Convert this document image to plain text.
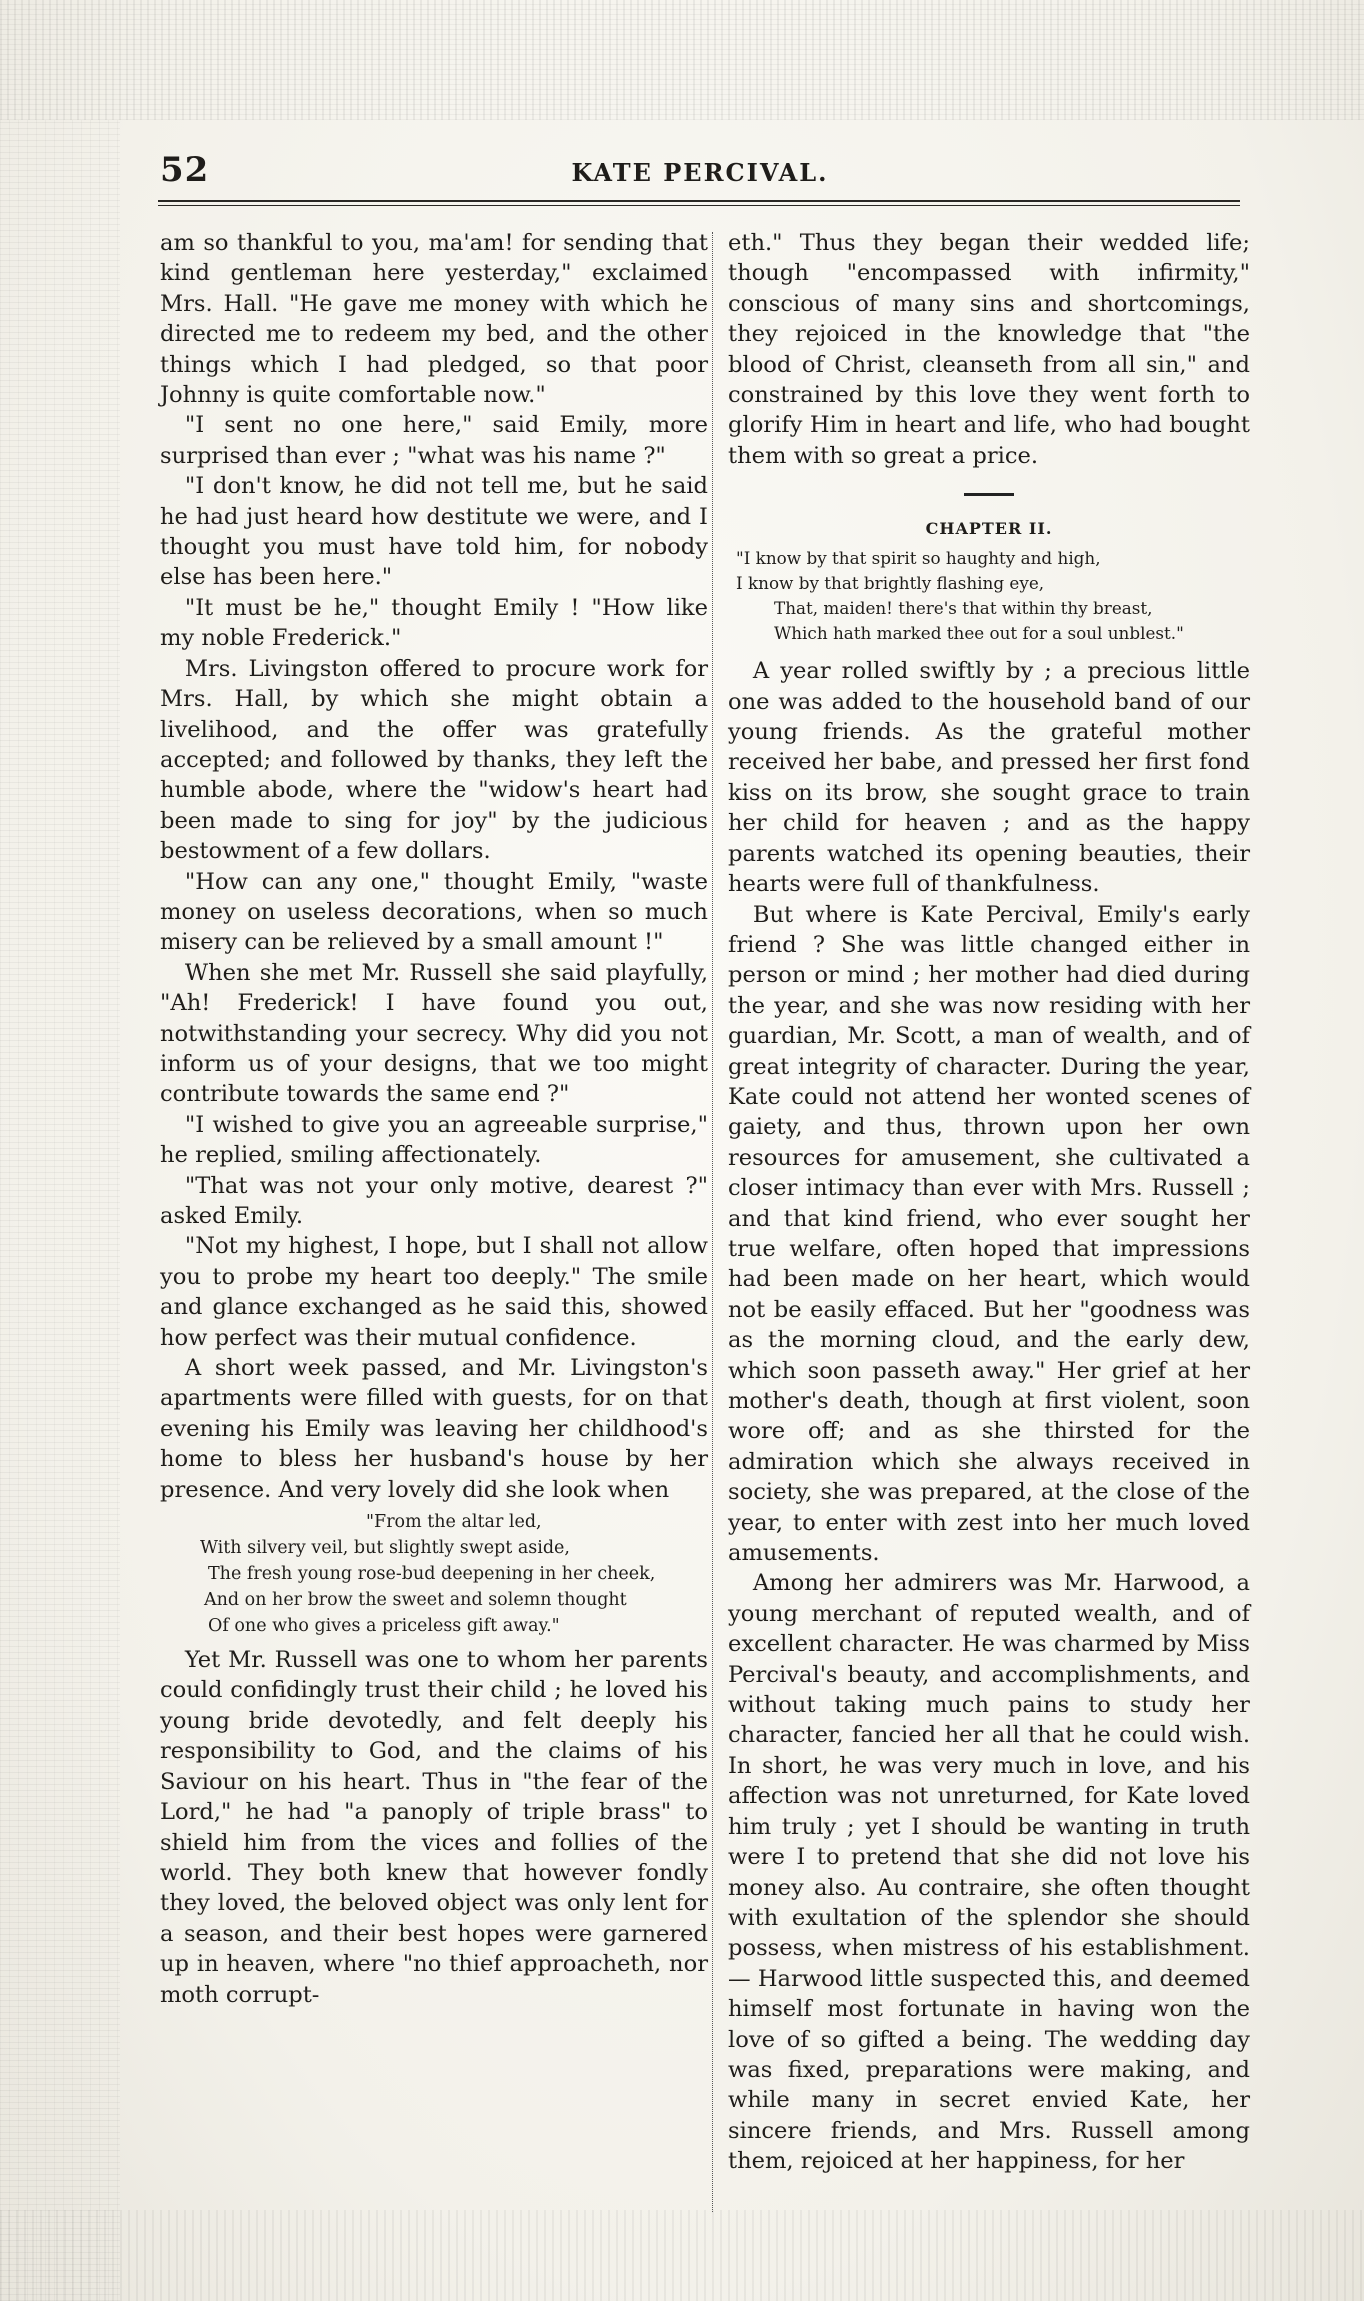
52	KATE PERCIVAL.

am so thankful to you, ma'am! for sending that kind gentleman here yesterday," exclaimed Mrs. Hall. "He gave me money with which he directed me to redeem my bed, and the other things which I had pledged, so that poor Johnny is quite comfortable now."

"I sent no one here," said Emily, more surprised than ever ; "what was his name ?"

"I don't know, he did not tell me, but he said he had just heard how destitute we were, and I thought you must have told him, for nobody else has been here."

"It must be he," thought Emily ! "How like my noble Frederick."

Mrs. Livingston offered to procure work for Mrs. Hall, by which she might obtain a livelihood, and the offer was gratefully accepted; and followed by thanks, they left the humble abode, where the "widow's heart had been made to sing for joy" by the judicious bestowment of a few dollars.

"How can any one," thought Emily, "waste money on useless decorations, when so much misery can be relieved by a small amount !"

When she met Mr. Russell she said playfully, "Ah! Frederick! I have found you out, notwithstanding your secrecy. Why did you not inform us of your designs, that we too might contribute towards the same end ?"

"I wished to give you an agreeable surprise," he replied, smiling affectionately.

"That was not your only motive, dearest ?" asked Emily.

"Not my highest, I hope, but I shall not allow you to probe my heart too deeply." The smile and glance exchanged as he said this, showed how perfect was their mutual confidence.

A short week passed, and Mr. Livingston's apartments were filled with guests, for on that evening his Emily was leaving her childhood's home to bless her husband's house by her presence. And very lovely did she look when

"From the altar led,
With silvery veil, but slightly swept aside,
The fresh young rose-bud deepening in her cheek,
And on her brow the sweet and solemn thought
Of one who gives a priceless gift away."

Yet Mr. Russell was one to whom her parents could confidingly trust their child ; he loved his young bride devotedly, and felt deeply his responsibility to God, and the claims of his Saviour on his heart. Thus in "the fear of the Lord," he had "a panoply of triple brass" to shield him from the vices and follies of the world. They both knew that however fondly they loved, the beloved object was only lent for a season, and their best hopes were garnered up in heaven, where "no thief approacheth, nor moth corrupt-

eth." Thus they began their wedded life; though "encompassed with infirmity," conscious of many sins and shortcomings, they rejoiced in the knowledge that "the blood of Christ, cleanseth from all sin," and constrained by this love they went forth to glorify Him in heart and life, who had bought them with so great a price.

CHAPTER II.
"I know by that spirit so haughty and high,
I know by that brightly flashing eye,
That, maiden! there's that within thy breast,
Which hath marked thee out for a soul unblest."

A year rolled swiftly by ; a precious little one was added to the household band of our young friends. As the grateful mother received her babe, and pressed her first fond kiss on its brow, she sought grace to train her child for heaven ; and as the happy parents watched its opening beauties, their hearts were full of thankfulness.

But where is Kate Percival, Emily's early friend ? She was little changed either in person or mind ; her mother had died during the year, and she was now residing with her guardian, Mr. Scott, a man of wealth, and of great integrity of character. During the year, Kate could not attend her wonted scenes of gaiety, and thus, thrown upon her own resources for amusement, she cultivated a closer intimacy than ever with Mrs. Russell ; and that kind friend, who ever sought her true welfare, often hoped that impressions had been made on her heart, which would not be easily effaced. But her "goodness was as the morning cloud, and the early dew, which soon passeth away." Her grief at her mother's death, though at first violent, soon wore off; and as she thirsted for the admiration which she always received in society, she was prepared, at the close of the year, to enter with zest into her much loved amusements.

Among her admirers was Mr. Harwood, a young merchant of reputed wealth, and of excellent character. He was charmed by Miss Percival's beauty, and accomplishments, and without taking much pains to study her character, fancied her all that he could wish. In short, he was very much in love, and his affection was not unreturned, for Kate loved him truly ; yet I should be wanting in truth were I to pretend that she did not love his money also. Au contraire, she often thought with exultation of the splendor she should possess, when mistress of his establishment.— Harwood little suspected this, and deemed himself most fortunate in having won the love of so gifted a being. The wedding day was fixed, preparations were making, and while many in secret envied Kate, her sincere friends, and Mrs. Russell among them, rejoiced at her happiness, for her
